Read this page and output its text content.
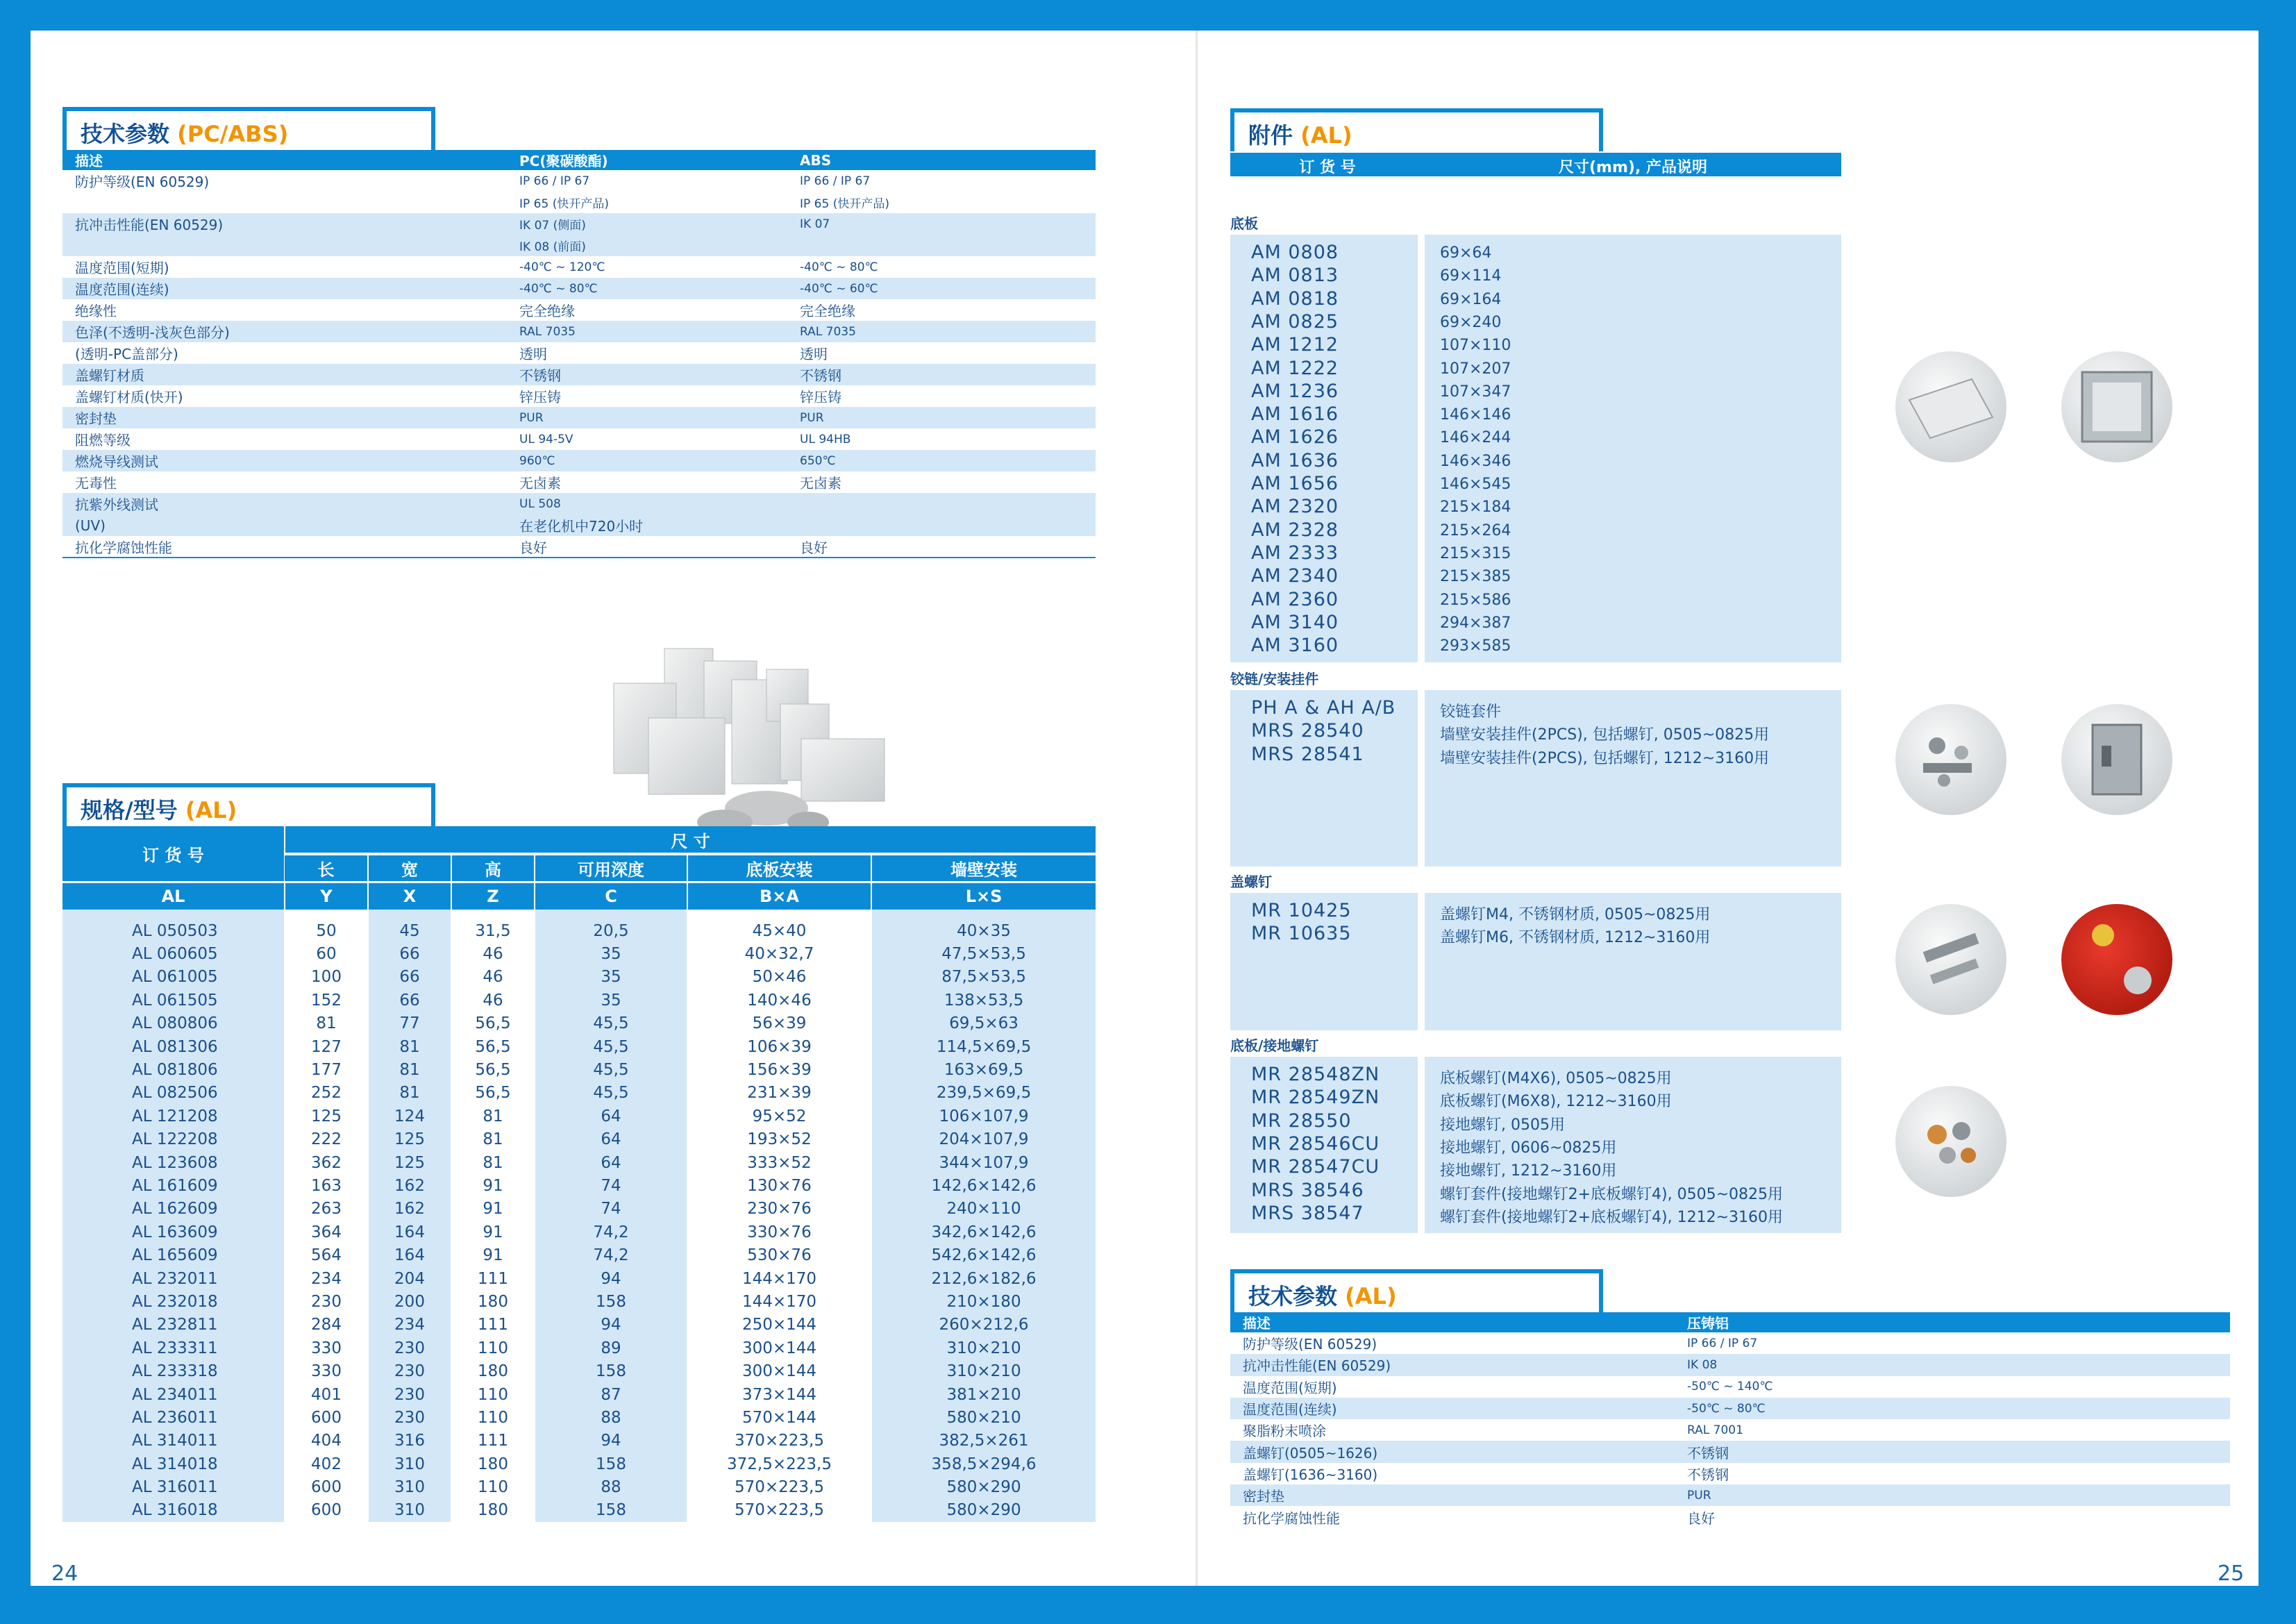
技术参数 (PC/ABS)
描述	PC(聚碳酸酯)	ABS
防护等级(EN 60529)	IP 66 / IP 67	IP 66 / IP 67
	IP 65 (快开产品)	IP 65 (快开产品)
抗冲击性能(EN 60529)	IK 07 (侧面)	IK 07
	IK 08 (前面)	
温度范围(短期)	-40℃ ~ 120℃	-40℃ ~ 80℃
温度范围(连续)	-40℃ ~ 80℃	-40℃ ~ 60℃
绝缘性	完全绝缘	完全绝缘
色泽(不透明-浅灰色部分)	RAL 7035	RAL 7035
(透明-PC盖部分)	透明	透明
盖螺钉材质	不锈钢	不锈钢
盖螺钉材质(快开)	锌压铸	锌压铸
密封垫	PUR	PUR
阻燃等级	UL 94-5V	UL 94HB
燃烧导线测试	960℃	650℃
无毒性	无卤素	无卤素
抗紫外线测试	UL 508	
(UV)	在老化机中720小时	
抗化学腐蚀性能	良好	良好
规格/型号 (AL)
订 货 号	尺 寸					
	长	宽	高	可用深度	底板安装	墙壁安装
AL	Y	X	Z	C	B×A	L×S

AL 050503	50	45	31,5	20,5	45×40	40×35
AL 060605	60	66	46	35	40×32,7	47,5×53,5
AL 061005	100	66	46	35	50×46	87,5×53,5
AL 061505	152	66	46	35	140×46	138×53,5
AL 080806	81	77	56,5	45,5	56×39	69,5×63
AL 081306	127	81	56,5	45,5	106×39	114,5×69,5
AL 081806	177	81	56,5	45,5	156×39	163×69,5
AL 082506	252	81	56,5	45,5	231×39	239,5×69,5
AL 121208	125	124	81	64	95×52	106×107,9
AL 122208	222	125	81	64	193×52	204×107,9
AL 123608	362	125	81	64	333×52	344×107,9
AL 161609	163	162	91	74	130×76	142,6×142,6
AL 162609	263	162	91	74	230×76	240×110
AL 163609	364	164	91	74,2	330×76	342,6×142,6
AL 165609	564	164	91	74,2	530×76	542,6×142,6
AL 232011	234	204	111	94	144×170	212,6×182,6
AL 232018	230	200	180	158	144×170	210×180
AL 232811	284	234	111	94	250×144	260×212,6
AL 233311	330	230	110	89	300×144	310×210
AL 233318	330	230	180	158	300×144	310×210
AL 234011	401	230	110	87	373×144	381×210
AL 236011	600	230	110	88	570×144	580×210
AL 314011	404	316	111	94	370×223,5	382,5×261
AL 314018	402	310	180	158	372,5×223,5	358,5×294,6
AL 316011	600	310	110	88	570×223,5	580×290
AL 316018	600	310	180	158	570×223,5	580×290
24	25
附件 (AL)
订 货 号	尺寸(mm), 产品说明
底板
AM 0808	69×64
AM 0813	69×114
AM 0818	69×164
AM 0825	69×240
AM 1212	107×110
AM 1222	107×207
AM 1236	107×347
AM 1616	146×146
AM 1626	146×244
AM 1636	146×346
AM 1656	146×545
AM 2320	215×184
AM 2328	215×264
AM 2333	215×315
AM 2340	215×385
AM 2360	215×586
AM 3140	294×387
AM 3160	293×585
铰链/安装挂件
PH A & AH A/B	铰链套件
MRS 28540	墙壁安装挂件(2PCS), 包括螺钉, 0505~0825用
MRS 28541	墙壁安装挂件(2PCS), 包括螺钉, 1212~3160用
盖螺钉
MR 10425	盖螺钉M4, 不锈钢材质, 0505~0825用
MR 10635	盖螺钉M6, 不锈钢材质, 1212~3160用
底板/接地螺钉
MR 28548ZN	底板螺钉(M4X6), 0505~0825用
MR 28549ZN	底板螺钉(M6X8), 1212~3160用
MR 28550	接地螺钉, 0505用
MR 28546CU	接地螺钉, 0606~0825用
MR 28547CU	接地螺钉, 1212~3160用
MRS 38546	螺钉套件(接地螺钉2+底板螺钉4), 0505~0825用
MRS 38547	螺钉套件(接地螺钉2+底板螺钉4), 1212~3160用
技术参数 (AL)
描述	压铸铝
防护等级(EN 60529)	IP 66 / IP 67
抗冲击性能(EN 60529)	IK 08
温度范围(短期)	-50℃ ~ 140℃
温度范围(连续)	-50℃ ~ 80℃
聚脂粉末喷涂	RAL 7001
盖螺钉(0505~1626)	不锈钢
盖螺钉(1636~3160)	不锈钢
密封垫	PUR
抗化学腐蚀性能	良好
